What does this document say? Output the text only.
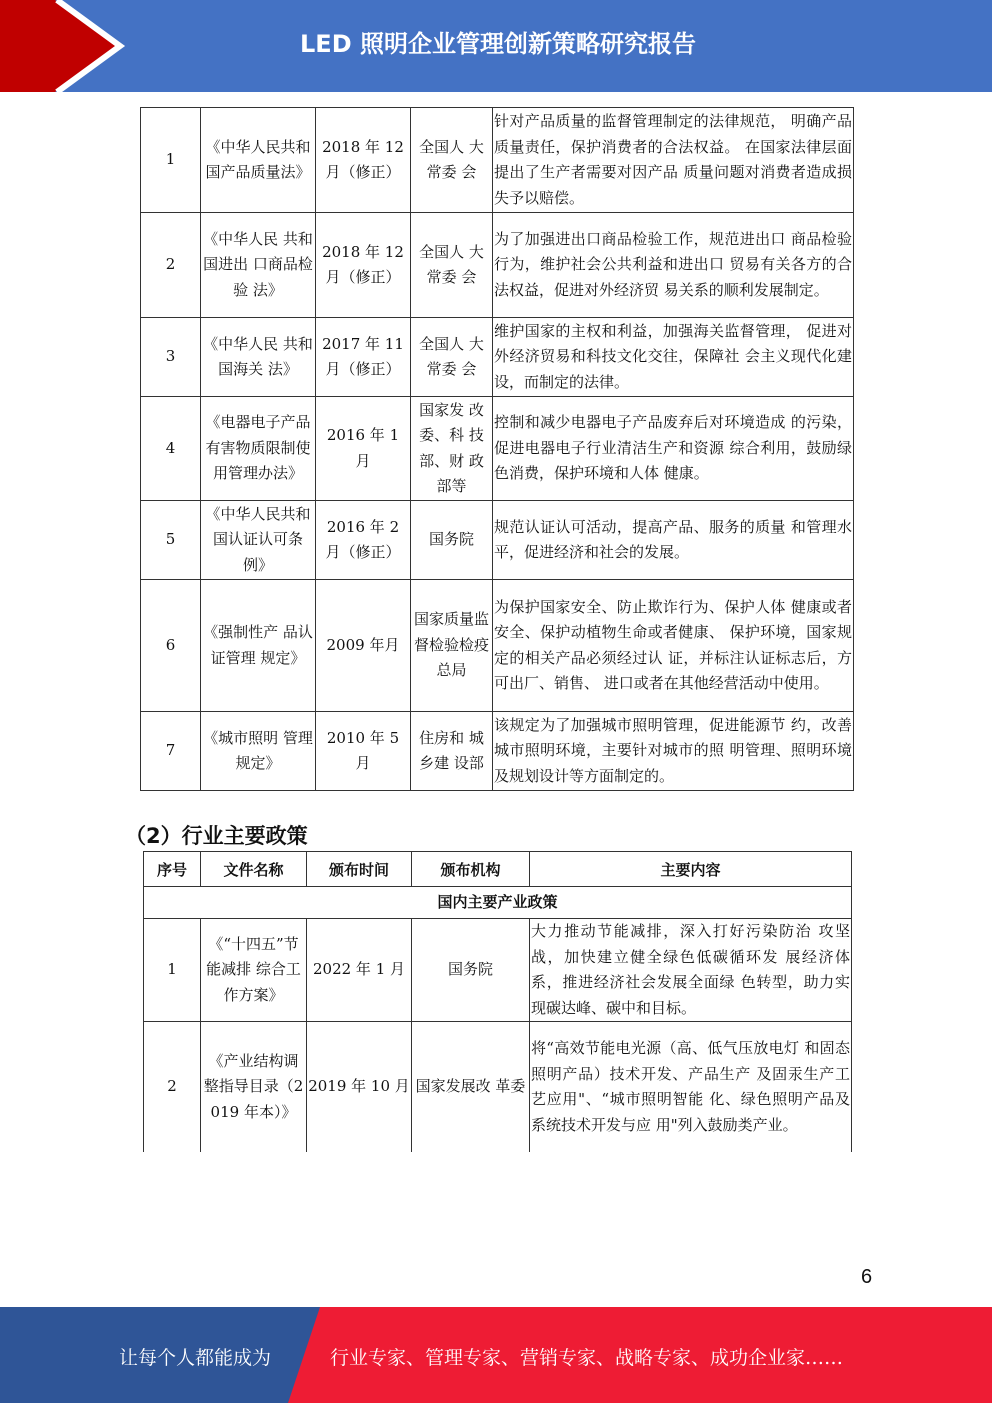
LED 照明企业管理创新策略研究报告
1	《中华人民共和国产品质量法》	2018 年 12 月（修正）	全国人 大常委 会	针对产品质量的监督管理制定的法律规范， 明确产品质量责任，保护消费者的合法权益。 在国家法律层面提出了生产者需要对因产品 质量问题对消费者造成损失予以赔偿。
2	《中华人民 共和国进出 口商品检验 法》	2018 年 12 月（修正）	全国人 大常委 会	为了加强进出口商品检验工作，规范进出口 商品检验行为，维护社会公共利益和进出口 贸易有关各方的合法权益，促进对外经济贸 易关系的顺利发展制定。
3	《中华人民 共和国海关 法》	2017 年 11 月（修正）	全国人 大常委 会	维护国家的主权和利益，加强海关监督管理， 促进对外经济贸易和科技文化交往，保障社 会主义现代化建设，而制定的法律。
4	《电器电子产品有害物质限制使用管理办法》	2016 年 1 月	国家发 改委、科 技部、财 政部等	控制和减少电器电子产品废弃后对环境造成 的污染，促进电器电子行业清洁生产和资源 综合利用，鼓励绿色消费，保护环境和人体 健康。
5	《中华人民共和国认证认可条例》	2016 年 2 月（修正）	国务院	规范认证认可活动，提高产品、服务的质量 和管理水平，促进经济和社会的发展。
6	《强制性产 品认证管理 规定》	2009 年月	国家质量监督检验检疫总局	为保护国家安全、防止欺诈行为、保护人体 健康或者安全、保护动植物生命或者健康、 保护环境，国家规定的相关产品必须经过认 证，并标注认证标志后，方可出厂、销售、 进口或者在其他经营活动中使用。
7	《城市照明 管理规定》	2010 年 5 月	住房和 城乡建 设部	该规定为了加强城市照明管理，促进能源节 约，改善城市照明环境，主要针对城市的照 明管理、照明环境及规划设计等方面制定的。
（2）行业主要政策
序号	文件名称	颁布时间	颁布机构	主要内容
国内主要产业政策				
1	《“十四五”节能减排 综合工作方案》	2022 年 1 月	国务院	大力推动节能减排，深入打好污染防治 攻坚战，加快建立健全绿色低碳循环发 展经济体系，推进经济社会发展全面绿 色转型，助力实现碳达峰、碳中和目标。
2	《产业结构调整指导目录（2019 年本）》	2019 年 10 月	国家发展改 革委	将“高效节能电光源（高、低气压放电灯 和固态照明产品）技术开发、产品生产 及固汞生产工艺应用"、“城市照明智能 化、绿色照明产品及系统技术开发与应 用"列入鼓励类产业。
6
让每个人都能成为	行业专家、管理专家、营销专家、战略专家、成功企业家……
